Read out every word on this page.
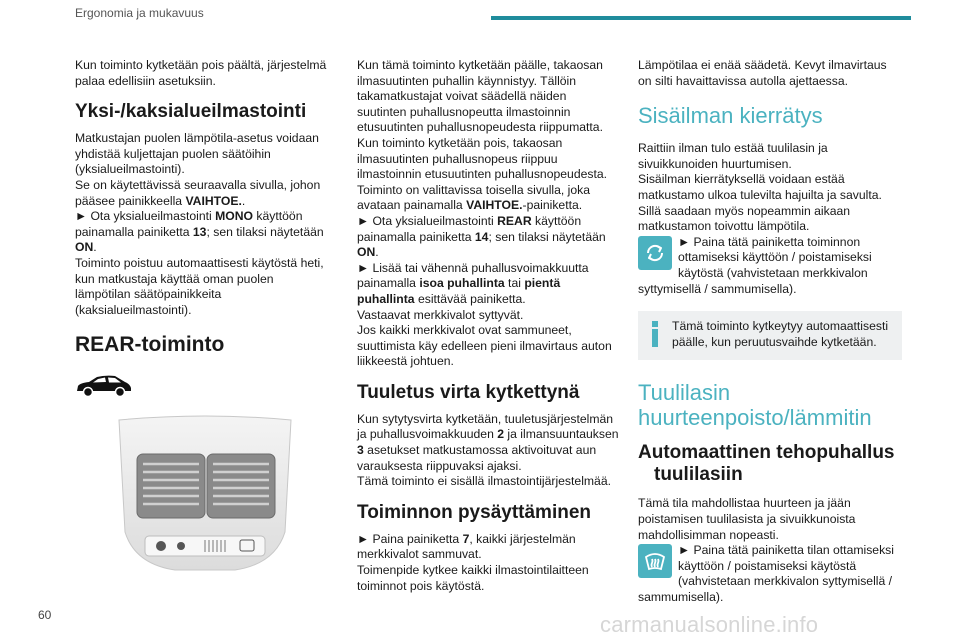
Ergonomia ja mukavuus
60

Kun toiminto kytketään pois päältä, järjestelmä palaa edellisiin asetuksiin.

Yksi-/kaksialueilmastointi

Matkustajan puolen lämpötila-asetus voidaan yhdistää kuljettajan puolen säätöihin (yksialueilmastointi).

Se on käytettävissä seuraavalla sivulla, johon pääsee painikkeella VAIHTOE..

► Ota yksialueilmastointi MONO käyttöön painamalla painiketta 13; sen tilaksi näytetään ON.

Toiminto poistuu automaattisesti käytöstä heti, kun matkustaja käyttää oman puolen lämpötilan säätöpainikkeita (kaksialueilmastointi).

REAR-toiminto

Kun tämä toiminto kytketään päälle, takaosan ilmasuutinten puhallin käynnistyy. Tällöin takamatkustajat voivat säädellä näiden suutinten puhallusnopeutta ilmastoinnin etusuutinten puhallusnopeudesta riippumatta.

Kun toiminto kytketään pois, takaosan ilmasuutinten puhallusnopeus riippuu ilmastoinnin etusuutinten puhallusnopeudesta.

Toiminto on valittavissa toisella sivulla, joka avataan painamalla VAIHTOE.-painiketta.

► Ota yksialueilmastointi REAR käyttöön painamalla painiketta 14; sen tilaksi näytetään ON.

► Lisää tai vähennä puhallusvoimakkuutta painamalla isoa puhallinta tai pientä puhallinta esittävää painiketta.

Vastaavat merkkivalot syttyvät.

Jos kaikki merkkivalot ovat sammuneet, suuttimista käy edelleen pieni ilmavirtaus auton liikkeestä johtuen.

Tuuletus virta kytkettynä

Kun sytytysvirta kytketään, tuuletusjärjestelmän ja puhallusvoimakkuuden 2 ja ilmansuuntauksen 3 asetukset matkustamossa aktivoituvat aun varauksesta riippuvaksi ajaksi.

Tämä toiminto ei sisällä ilmastointijärjestelmää.

Toiminnon pysäyttäminen

► Paina painiketta 7, kaikki järjestelmän merkkivalot sammuvat.

Toimenpide kytkee kaikki ilmastointilaitteen toiminnot pois käytöstä.

Lämpötilaa ei enää säädetä. Kevyt ilmavirtaus on silti havaittavissa autolla ajettaessa.

Sisäilman kierrätys

Raittiin ilman tulo estää tuulilasin ja sivuikkunoiden huurtumisen.

Sisäilman kierrätyksellä voidaan estää matkustamo ulkoa tulevilta hajuilta ja savulta. Sillä saadaan myös nopeammin aikaan matkustamon toivottu lämpötila.

► Paina tätä painiketta toiminnon ottamiseksi käyttöön / poistamiseksi käytöstä (vahvistetaan merkkivalon syttymisellä / sammumisella).

Tämä toiminto kytkeytyy automaattisesti päälle, kun peruutusvaihde kytketään.

Tuulilasin
huurteenpoisto/lämmitin
Automaattinen tehopuhallus
tuulilasiin

Tämä tila mahdollistaa huurteen ja jään poistamisen tuulilasista ja sivuikkunoista mahdollisimman nopeasti.

► Paina tätä painiketta tilan ottamiseksi käyttöön / poistamiseksi käytöstä (vahvistetaan merkkivalon syttymisellä / sammumisella).

carmanualsonline.info
